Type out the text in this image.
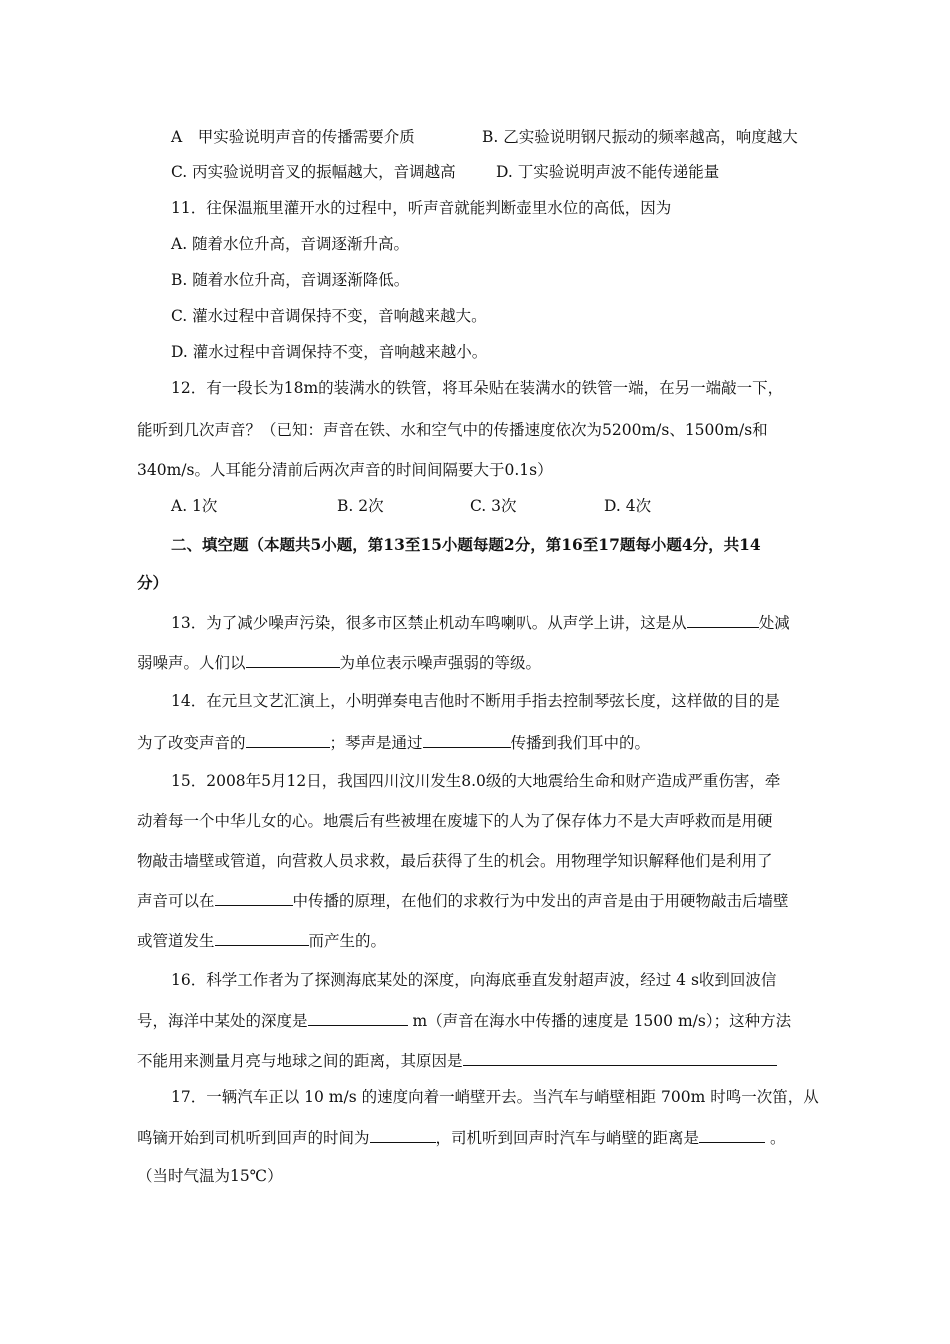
A　甲实验说明声音的传播需要介质	B. 乙实验说明钢尺振动的频率越高，响度越大
C. 丙实验说明音叉的振幅越大，音调越高	D. 丁实验说明声波不能传递能量
11．往保温瓶里灌开水的过程中，听声音就能判断壶里水位的高低，因为
A. 随着水位升高，音调逐渐升高。
B. 随着水位升高，音调逐渐降低。
C. 灌水过程中音调保持不变，音响越来越大。
D. 灌水过程中音调保持不变，音响越来越小。
12．有一段长为18m的装满水的铁管，将耳朵贴在装满水的铁管一端，在另一端敲一下，
能听到几次声音？（已知：声音在铁、水和空气中的传播速度依次为5200m/s、1500m/s和
340m/s。人耳能分清前后两次声音的时间间隔要大于0.1s）
A. 1次	B. 2次	C. 3次	D. 4次
二、填空题（本题共5小题，第13至15小题每题2分，第16至17题每小题4分，共14
分）
13．为了减少噪声污染，很多市区禁止机动车鸣喇叭。从声学上讲，这是从	处减
弱噪声。人们以	为单位表示噪声强弱的等级。
14．在元旦文艺汇演上，小明弹奏电吉他时不断用手指去控制琴弦长度，这样做的目的是
为了改变声音的	；琴声是通过	传播到我们耳中的。
15．2008年5月12日，我国四川汶川发生8.0级的大地震给生命和财产造成严重伤害，牵
动着每一个中华儿女的心。地震后有些被埋在废墟下的人为了保存体力不是大声呼救而是用硬
物敲击墙壁或管道，向营救人员求救，最后获得了生的机会。用物理学知识解释他们是利用了
声音可以在	中传播的原理，在他们的求救行为中发出的声音是由于用硬物敲击后墙壁
或管道发生	而产生的。
16．科学工作者为了探测海底某处的深度，向海底垂直发射超声波，经过 4 s收到回波信
号，海洋中某处的深度是	m（声音在海水中传播的速度是 1500 m/s）；这种方法
不能用来测量月亮与地球之间的距离，其原因是
17．一辆汽车正以 10 m/s 的速度向着一峭壁开去。当汽车与峭壁相距 700m 时鸣一次笛，从
鸣镝开始到司机听到回声的时间为	，司机听到回声时汽车与峭壁的距离是	。
（当时气温为15℃）
